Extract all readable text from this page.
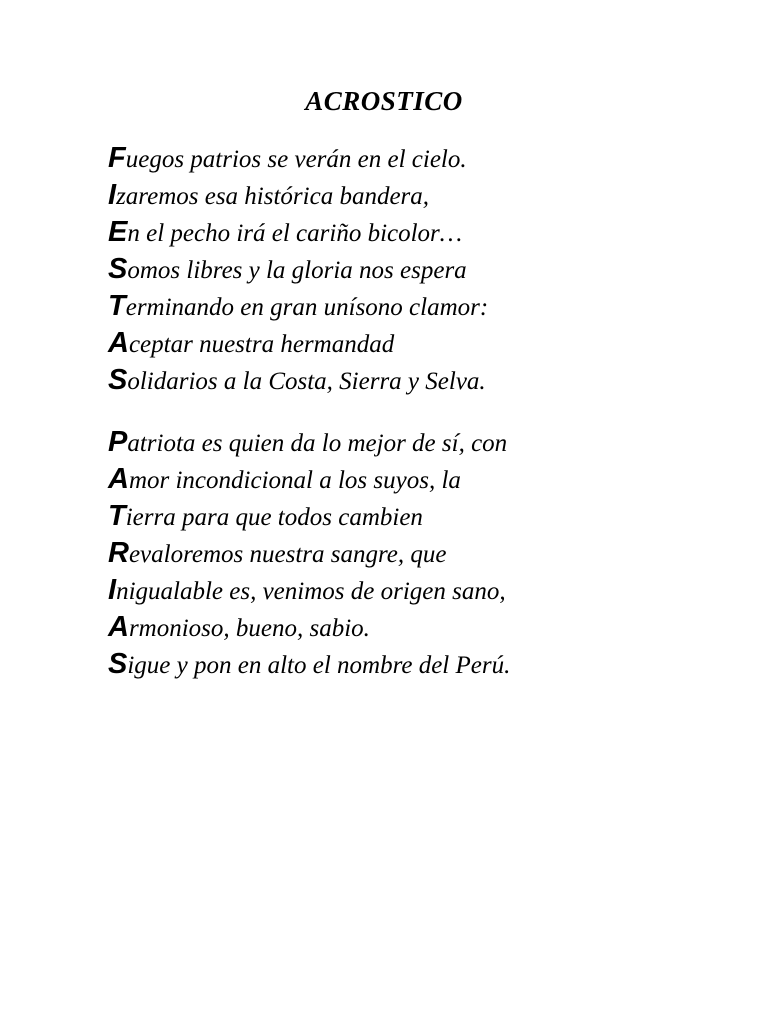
ACROSTICO
Fuegos patrios se verán en el cielo.
Izaremos esa histórica bandera,
En el pecho irá el cariño bicolor…
Somos libres y la gloria nos espera
Terminando en gran unísono clamor:
Aceptar nuestra hermandad
Solidarios a la Costa, Sierra y Selva.
Patriota es quien da lo mejor de sí, con
Amor incondicional a los suyos, la
Tierra para que todos cambien
Revaloremos nuestra sangre, que
Inigualable es, venimos de origen sano,
Armonioso, bueno, sabio.
Sigue y pon en alto el nombre del Perú.
